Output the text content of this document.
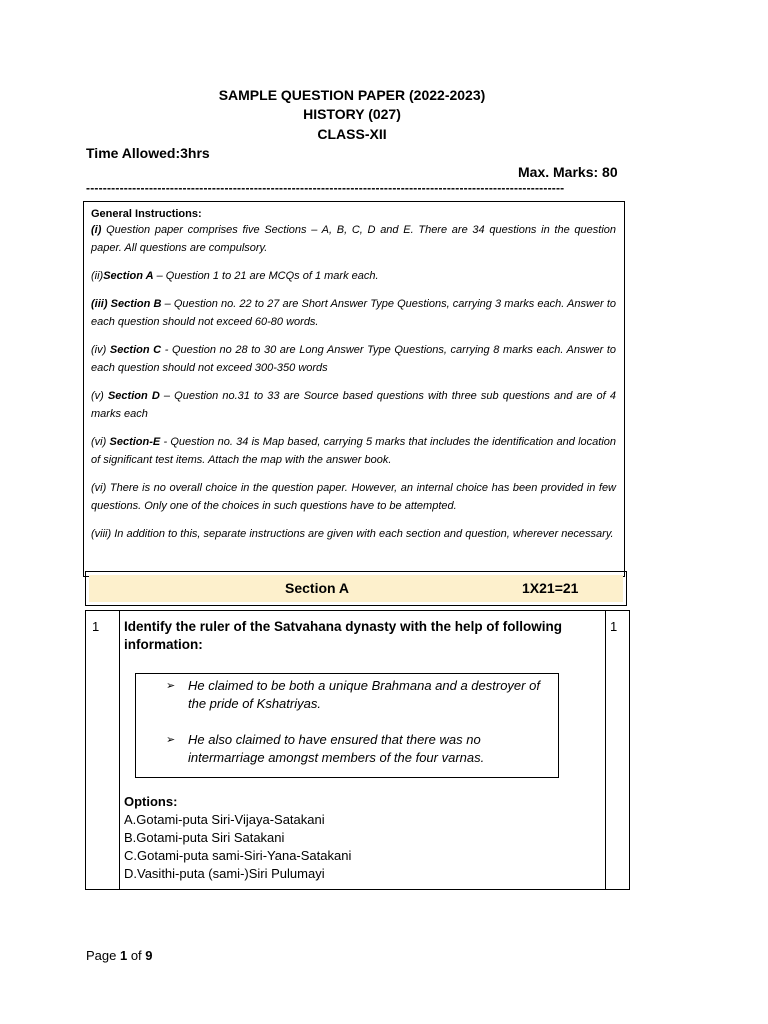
SAMPLE QUESTION PAPER (2022-2023)
HISTORY (027)
CLASS-XII
Time Allowed:3hrs
Max. Marks: 80
------------------------------------------------------------------------------------------------------------------
General Instructions:

(i) Question paper comprises five Sections – A, B, C, D and E. There are 34 questions in the question paper. All questions are compulsory.

(ii)Section A – Question 1 to 21 are MCQs of 1 mark each.

(iii) Section B – Question no. 22 to 27 are Short Answer Type Questions, carrying 3 marks each. Answer to each question should not exceed 60-80 words.

(iv) Section C - Question no 28 to 30 are Long Answer Type Questions, carrying 8 marks each. Answer to each question should not exceed 300-350 words

(v) Section D – Question no.31 to 33 are Source based questions with three sub questions and are of 4 marks each

(vi) Section-E - Question no. 34 is Map based, carrying 5 marks that includes the identification and location of significant test items. Attach the map with the answer book.

(vi) There is no overall choice in the question paper. However, an internal choice has been provided in few questions. Only one of the choices in such questions have to be attempted.

(viii) In addition to this, separate instructions are given with each section and question, wherever necessary.

Section A	1X21=21
1	1
Identify the ruler of the Satvahana dynasty with the help of following information:
➢ He claimed to be both a unique Brahmana and a destroyer of the pride of Kshatriyas.
➢ He also claimed to have ensured that there was no intermarriage amongst members of the four varnas.
Options:
A.Gotami-puta Siri-Vijaya-Satakani
B.Gotami-puta Siri Satakani
C.Gotami-puta sami-Siri-Yana-Satakani
D.Vasithi-puta (sami-)Siri Pulumayi
Page 1 of 9
